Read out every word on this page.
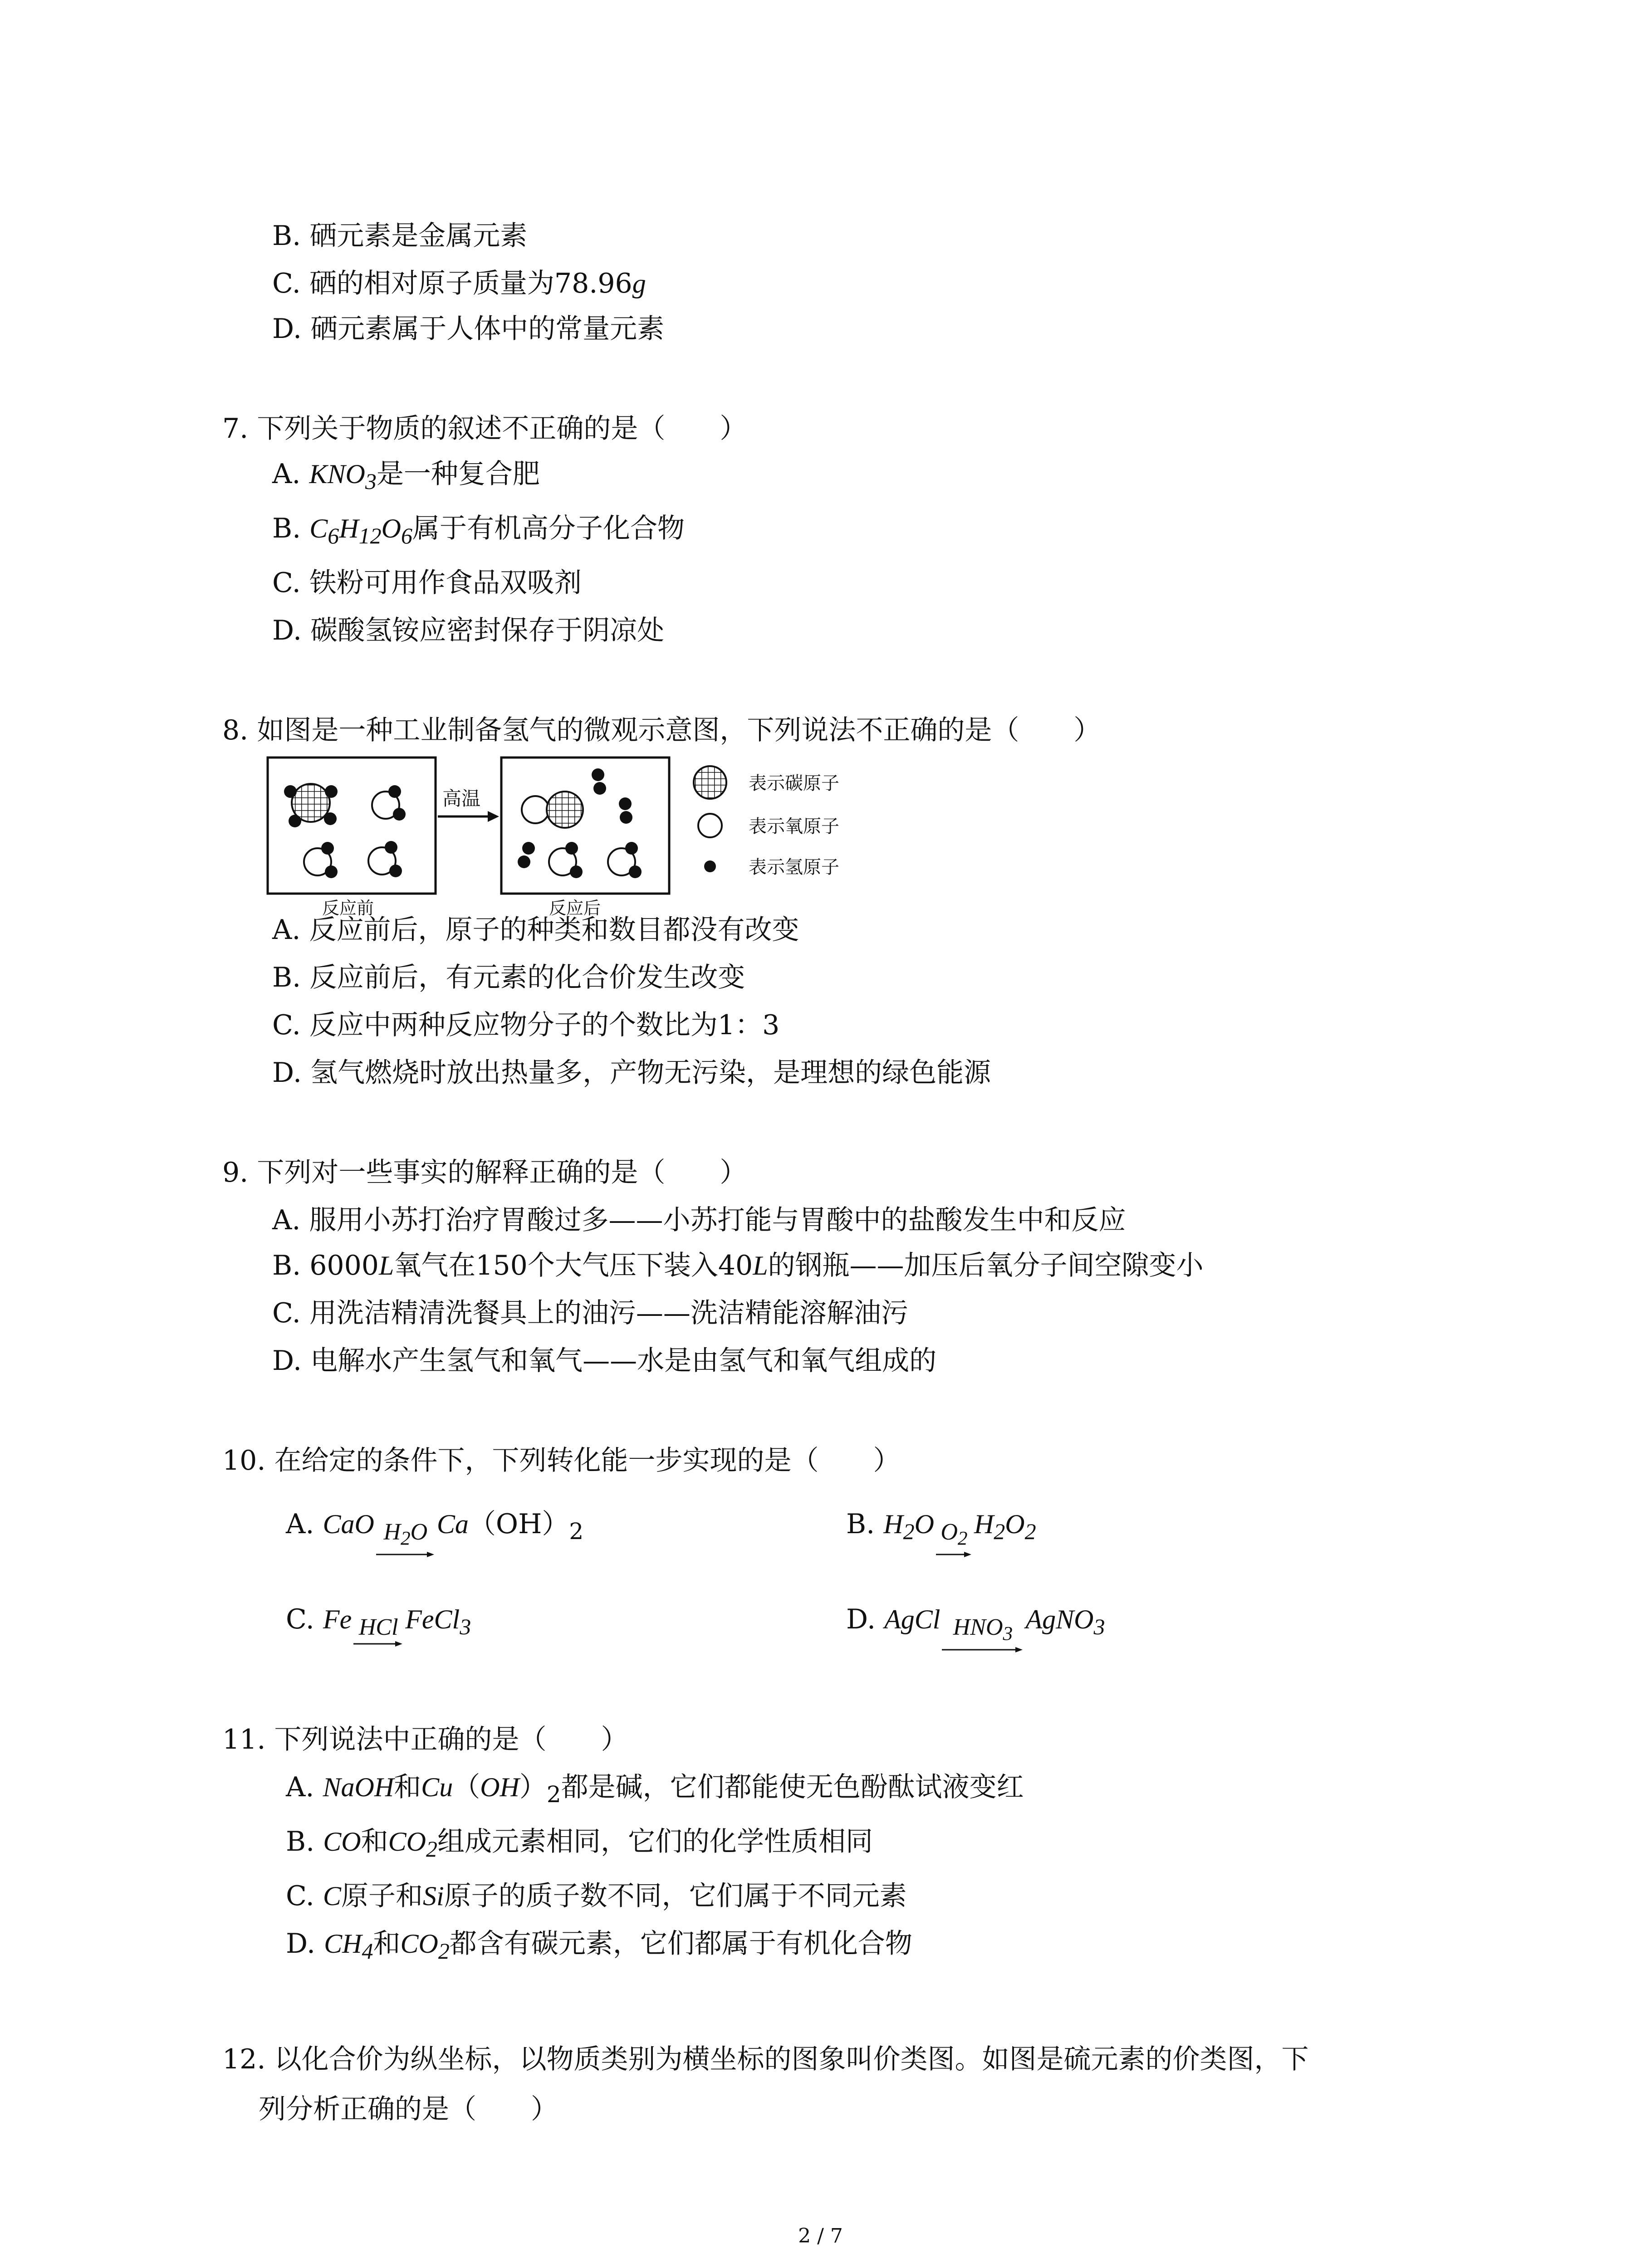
B. 硒元素是金属元素
C. 硒的相对原子质量为78.96g
D. 硒元素属于人体中的常量元素
7. 下列关于物质的叙述不正确的是（　　）
A. $KNO_3$是一种复合肥
B. $C_6H_{12}O_6$属于有机高分子化合物
C. 铁粉可用作食品双吸剂
D. 碳酸氢铵应密封保存于阴凉处
8. 如图是一种工业制备氢气的微观示意图，下列说法不正确的是（　　）
高温
反应前	反应后
表示碳原子
表示氧原子
表示氢原子
A. 反应前后，原子的种类和数目都没有改变
B. 反应前后，有元素的化合价发生改变
C. 反应中两种反应物分子的个数比为1：3
D. 氢气燃烧时放出热量多，产物无污染，是理想的绿色能源
9. 下列对一些事实的解释正确的是（　　）
A. 服用小苏打治疗胃酸过多——小苏打能与胃酸中的盐酸发生中和反应
B. 6000L氧气在150个大气压下装入40L的钢瓶——加压后氧分子间空隙变小
C. 用洗洁精清洗餐具上的油污——洗洁精能溶解油污
D. 电解水产生氢气和氧气——水是由氢气和氧气组成的
10. 在给定的条件下，下列转化能一步实现的是（　　）
A. CaO $H_2O$ $Ca(OH)_2$	B. $H_2O$ $O_2$ $H_2O_2$
C. Fe HCl FeCl$_3$	D. AgCl $HNO_3$ AgNO$_3$
11. 下列说法中正确的是（　　）
A. NaOH和$Cu(OH)_2$都是碱，它们都能使无色酚酞试液变红
B. CO和$CO_2$组成元素相同，它们的化学性质相同
C. C原子和Si原子的质子数不同，它们属于不同元素
D. $CH_4$和$CO_2$都含有碳元素，它们都属于有机化合物
12. 以化合价为纵坐标，以物质类别为横坐标的图象叫价类图。如图是硫元素的价类图，下
列分析正确的是（　　）
2 / 7
